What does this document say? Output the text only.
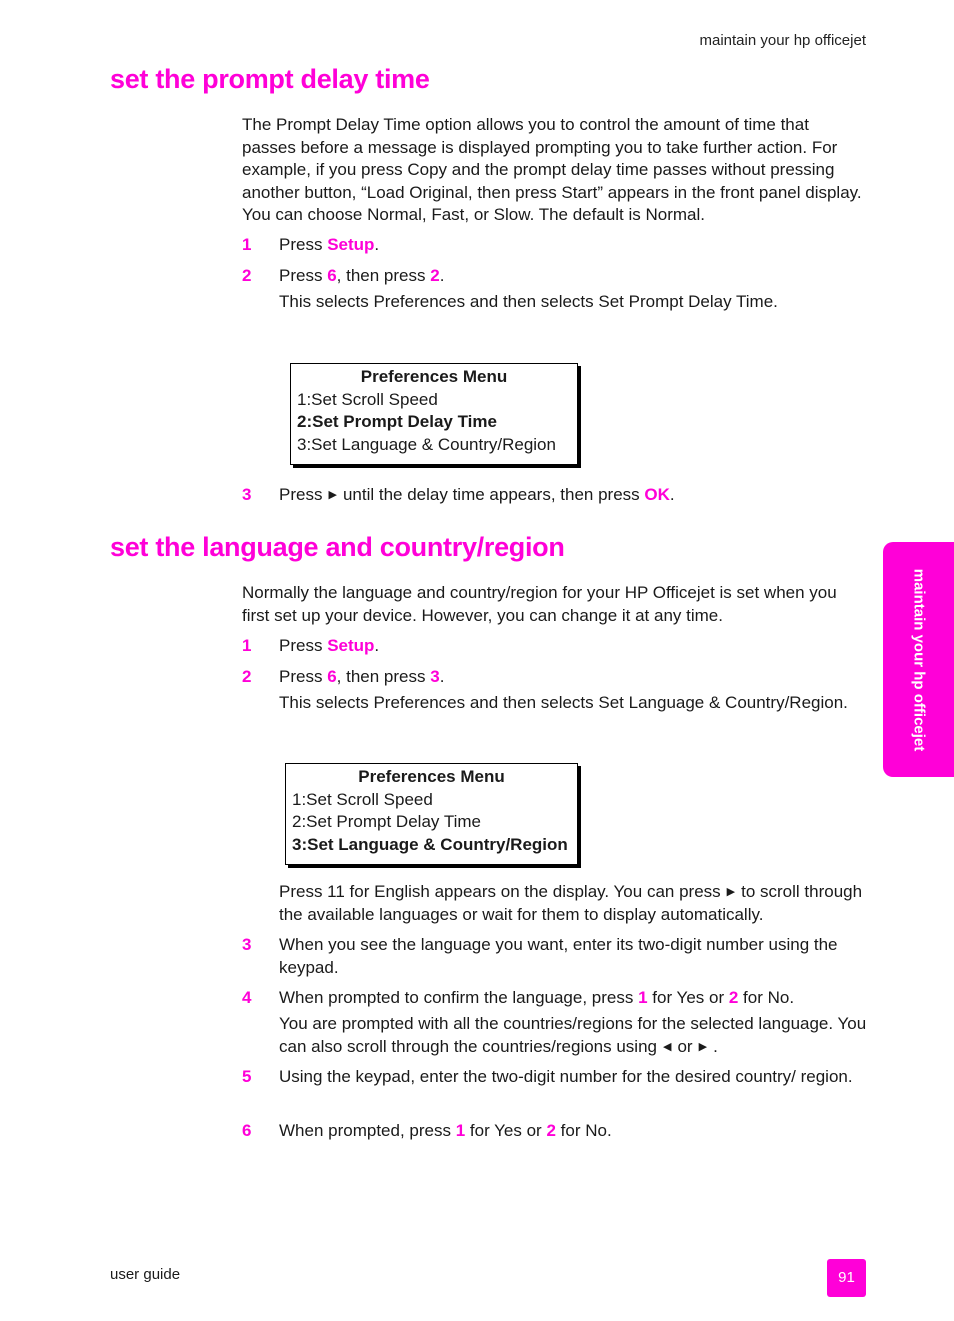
maintain your hp officejet
set the prompt delay time
The Prompt Delay Time option allows you to control the amount of time that passes before a message is displayed prompting you to take further action. For example, if you press Copy and the prompt delay time passes without pressing another button, “Load Original, then press Start” appears in the front panel display. You can choose Normal, Fast, or Slow. The default is Normal.
1 Press Setup.
2 Press 6, then press 2.
This selects Preferences and then selects Set Prompt Delay Time.
Preferences Menu
1:Set Scroll Speed
2:Set Prompt Delay Time
3:Set Language & Country/Region
3 Press ▶ until the delay time appears, then press OK.
set the language and country/region
Normally the language and country/region for your HP Officejet is set when you first set up your device. However, you can change it at any time.
1 Press Setup.
2 Press 6, then press 3.
This selects Preferences and then selects Set Language & Country/Region.
Preferences Menu
1:Set Scroll Speed
2:Set Prompt Delay Time
3:Set Language & Country/Region
Press 11 for English appears on the display. You can press ▶ to scroll through the available languages or wait for them to display automatically.
3 When you see the language you want, enter its two-digit number using the keypad.
4 When prompted to confirm the language, press 1 for Yes or 2 for No.
You are prompted with all the countries/regions for the selected language. You can also scroll through the countries/regions using ◀ or ▶ .
5 Using the keypad, enter the two-digit number for the desired country/ region.
6 When prompted, press 1 for Yes or 2 for No.
maintain your hp officejet
user guide	91
